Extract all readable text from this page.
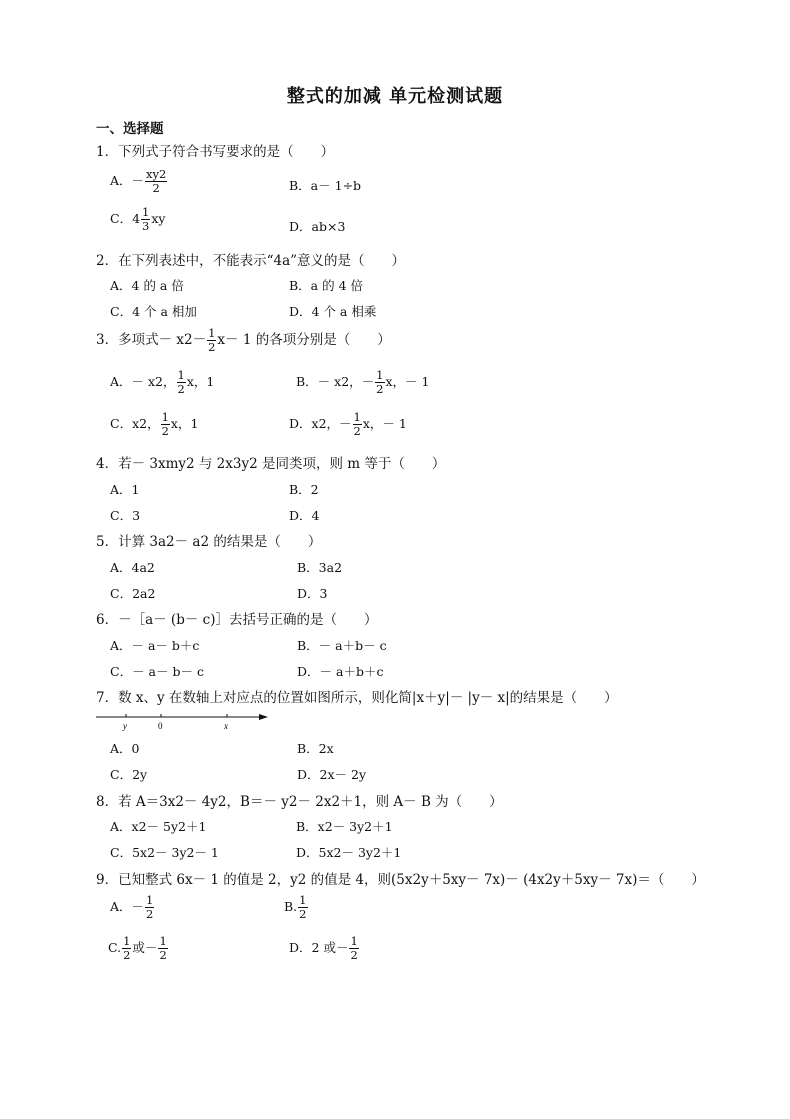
整式的加减 单元检测试题
一、选择题
1．下列式子符合书写要求的是（　　）
A．－ $\frac{xy2}{2}$	B．a－ 1÷b
C．$4 \frac{1}{3}$ xy
D．ab×3
2．在下列表述中，不能表示“4a”意义的是（　　）
A．4 的 a 倍	B．a 的 4 倍
C．4 个 a 相加	D．4 个 a 相乘
3．多项式－ $x2- \frac{1}{2} x- 1$ 的各项分别是（　　）
A．－ x2， $\frac{1}{2}$ x，1	B．－ x2，－ $\frac{1}{2}$ x，－ 1
C．x2， $\frac{1}{2}$ x，1	D．x2，－ $\frac{1}{2}$ x，－ 1
4．若－ 3xmy2 与 2x3y2 是同类项，则 m 等于（　　）
A．1	B．2
C．3	D．4
5．计算 3a2－ a2 的结果是（　　）
A．4a2	B．3a2
C．2a2	D．3
6．－［a－ (b－ c)］去括号正确的是（　　）
A．－ a－ b＋c	B．－ a＋b－ c
C．－ a－ b－ c	D．－ a＋b＋c
7．数 x、y 在数轴上对应点的位置如图所示，则化简|x＋y|－ |y－ x|的结果是（　　）
y	0	x
A．0	B．2x
C．2y	D．2x－ 2y
8．若 A＝3x2－ 4y2，B＝－ y2－ 2x2＋1，则 A－ B 为（　　）
A．x2－ 5y2＋1	B．x2－ 3y2＋1
C．5x2－ 3y2－ 1	D．5x2－ 3y2＋1
9．已知整式 6x－ 1 的值是 2，y2 的值是 4，则(5x2y＋5xy－ 7x)－ (4x2y＋5xy－ 7x)＝（　　）
A．－ $\frac{1}{2}$	B. $\frac{1}{2}$
C. $\frac{1}{2}$ 或－ $\frac{1}{2}$	D．2 或－ $\frac{1}{2}$
